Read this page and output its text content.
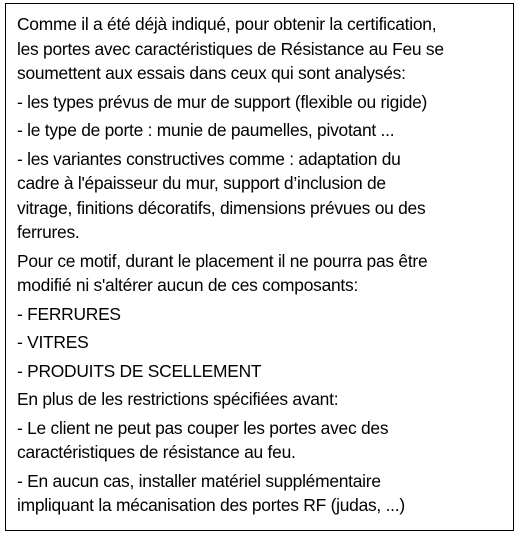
Comme il a été déjà indiqué, pour obtenir la certification,
les portes avec caractéristiques de Résistance au Feu se
soumettent aux essais dans ceux qui sont analysés:
- les types prévus de mur de support (flexible ou rigide)
- le type de porte : munie de paumelles, pivotant ...
- les variantes constructives comme : adaptation du
cadre à l'épaisseur du mur, support d’inclusion de
vitrage, finitions décoratifs, dimensions prévues ou des
ferrures.
Pour ce motif, durant le placement il ne pourra pas être
modifié ni s'altérer aucun de ces composants:
- FERRURES
- VITRES
- PRODUITS DE SCELLEMENT
En plus de les restrictions spécifiées avant:
- Le client ne peut pas couper les portes avec des
caractéristiques de résistance au feu.
- En aucun cas, installer matériel supplémentaire
impliquant la mécanisation des portes RF (judas, ...)
